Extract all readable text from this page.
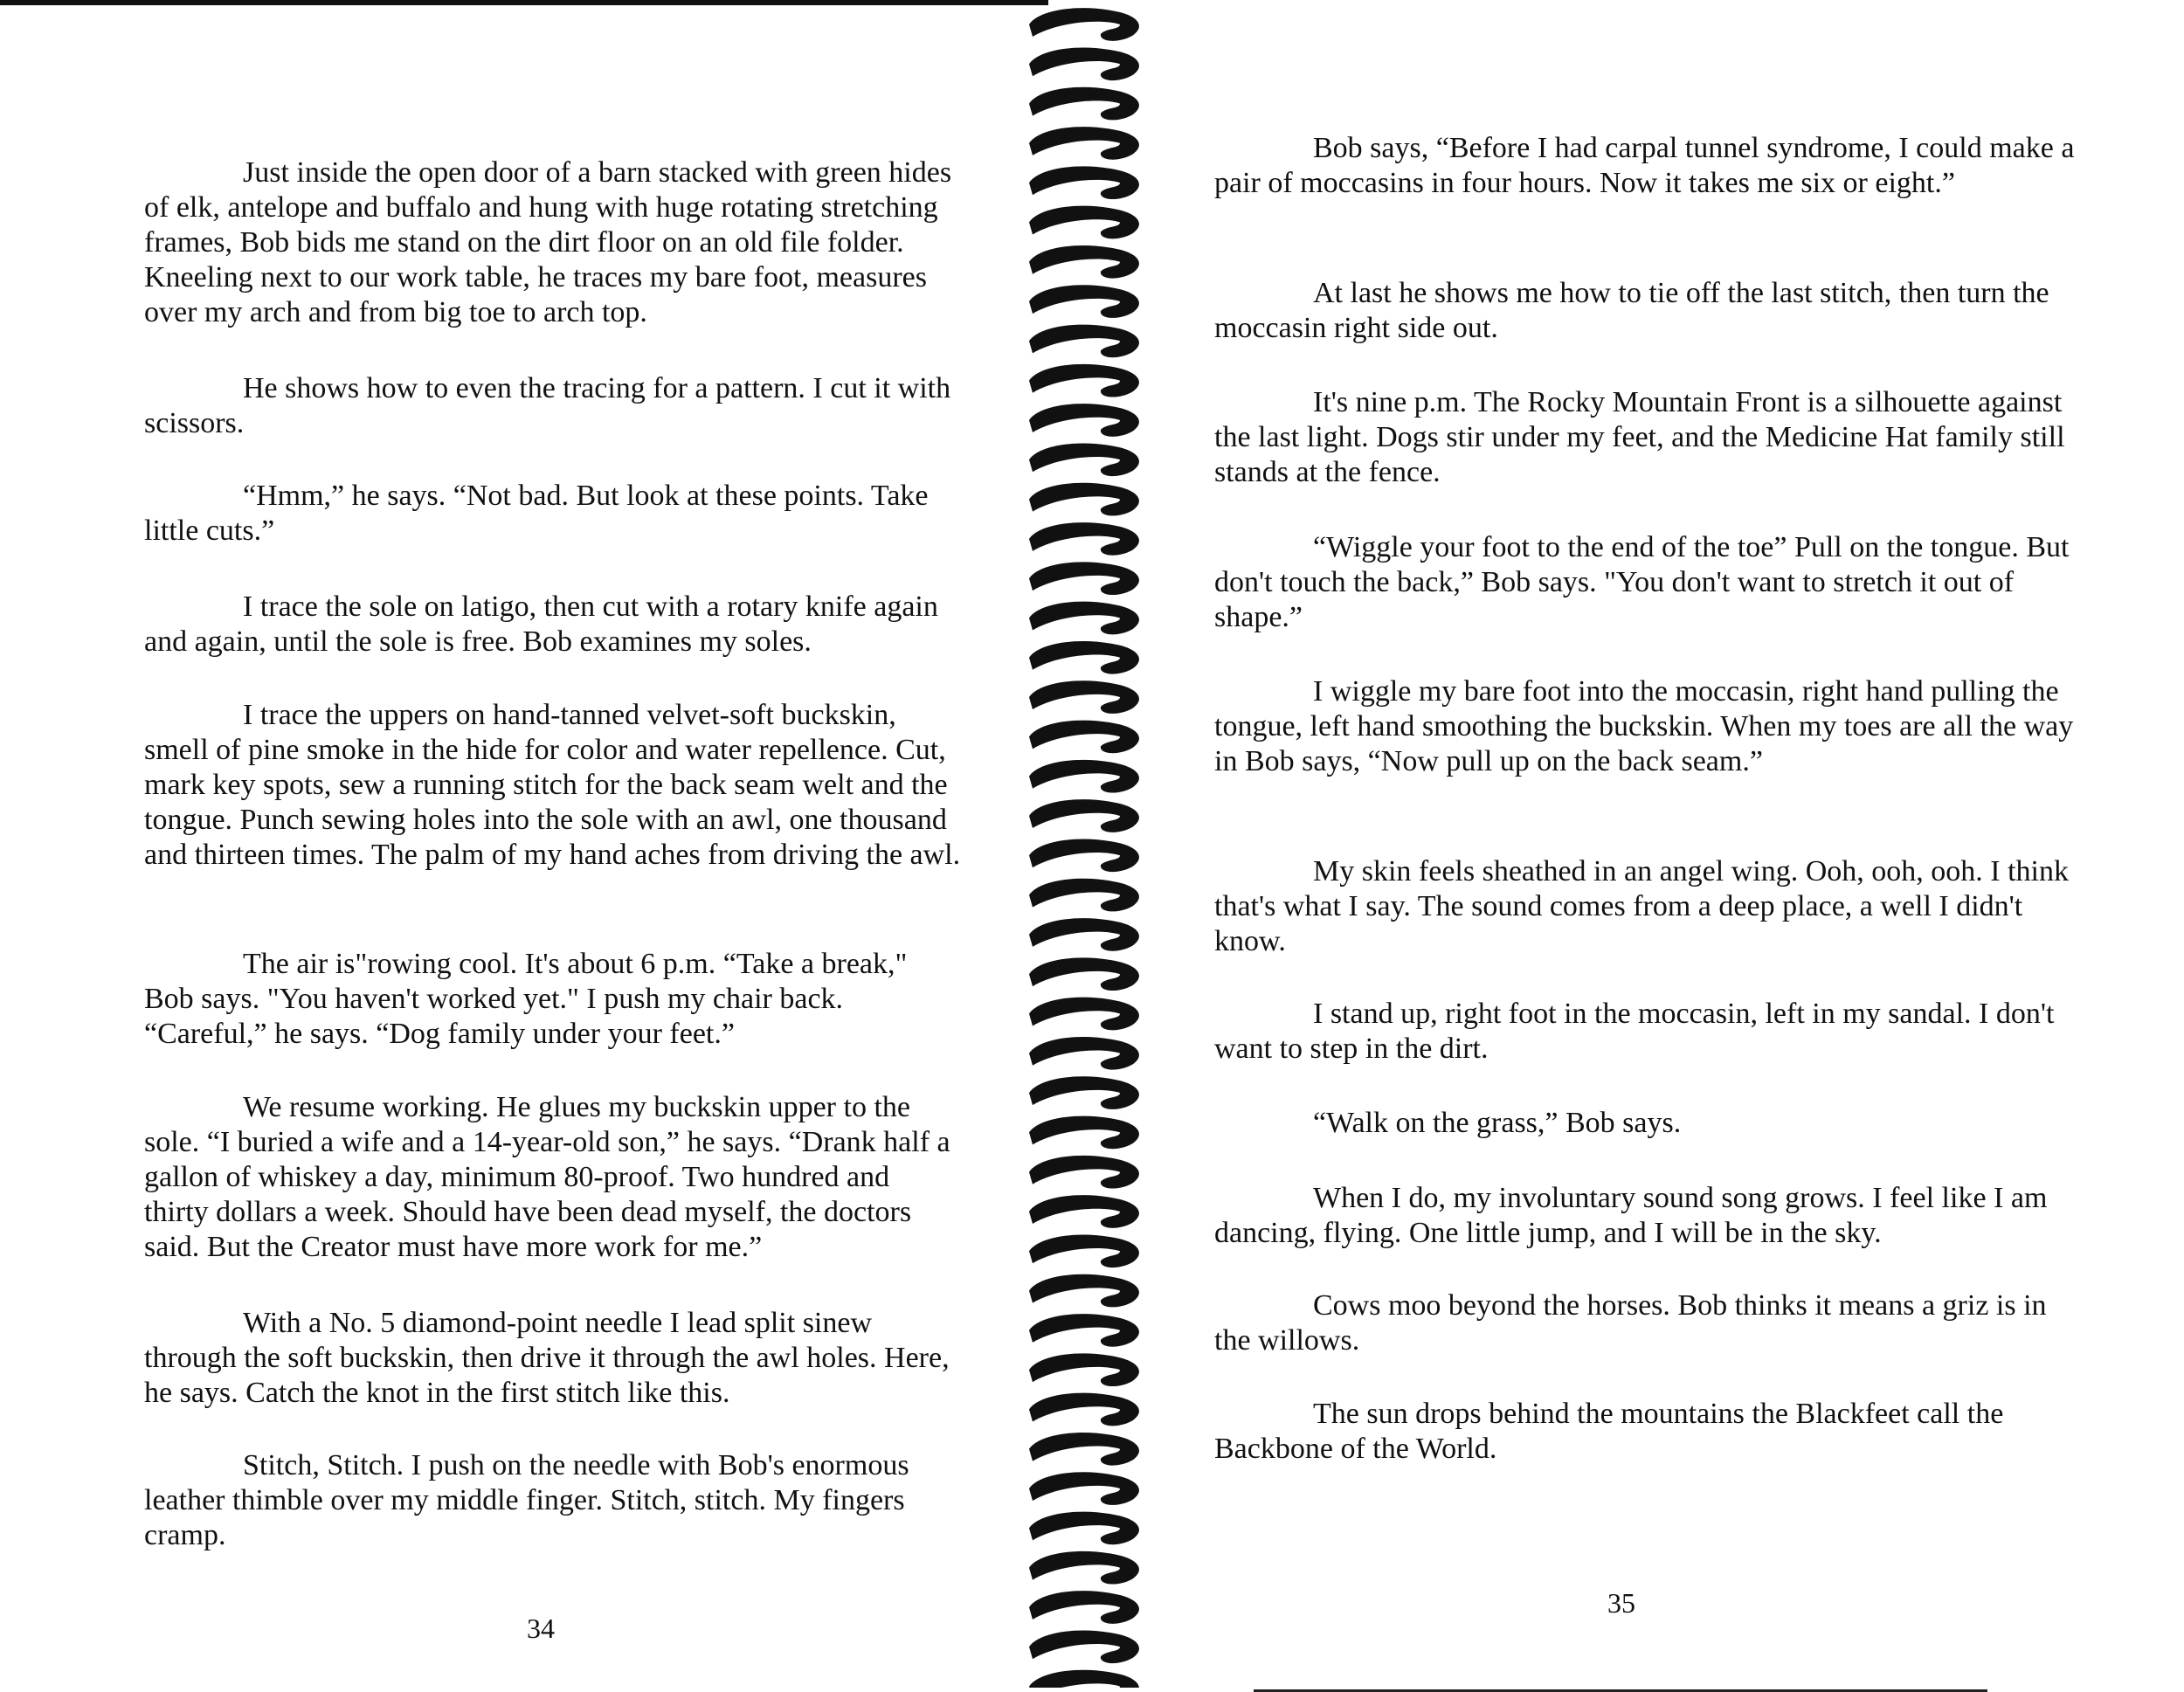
Just inside the open door of a barn stacked with green hides of elk, antelope and buffalo and hung with huge rotating stretching frames, Bob bids me stand on the dirt floor on an old file folder. Kneeling next to our work table, he traces my bare foot, measures over my arch and from big toe to arch top.

He shows how to even the tracing for a pattern. I cut it with scissors.

“Hmm,” he says. “Not bad. But look at these points. Take little cuts.”

I trace the sole on latigo, then cut with a rotary knife again and again, until the sole is free. Bob examines my soles.

I trace the uppers on hand-tanned velvet-soft buckskin, smell of pine smoke in the hide for color and water repellence. Cut, mark key spots, sew a running stitch for the back seam welt and the tongue. Punch sewing holes into the sole with an awl, one thousand and thirteen times. The palm of my hand aches from driving the awl.

The air is"rowing cool. It's about 6 p.m. “Take a break," Bob says. "You haven't worked yet." I push my chair back. “Careful,” he says. “Dog family under your feet.”

We resume working. He glues my buckskin upper to the sole. “I buried a wife and a 14-year-old son,” he says. “Drank half a gallon of whiskey a day, minimum 80-proof. Two hundred and thirty dollars a week. Should have been dead myself, the doctors said. But the Creator must have more work for me.”

With a No. 5 diamond-point needle I lead split sinew through the soft buckskin, then drive it through the awl holes. Here, he says. Catch the knot in the first stitch like this.

Stitch, Stitch. I push on the needle with Bob's enormous leather thimble over my middle finger. Stitch, stitch. My fingers cramp.

34

Bob says, “Before I had carpal tunnel syndrome, I could make a pair of moccasins in four hours. Now it takes me six or eight.”

At last he shows me how to tie off the last stitch, then turn the moccasin right side out.

It's nine p.m. The Rocky Mountain Front is a silhouette against the last light. Dogs stir under my feet, and the Medicine Hat family still stands at the fence.

“Wiggle your foot to the end of the toe” Pull on the tongue. But don't touch the back,” Bob says. "You don't want to stretch it out of shape.”

I wiggle my bare foot into the moccasin, right hand pulling the tongue, left hand smoothing the buckskin. When my toes are all the way in Bob says, “Now pull up on the back seam.”

My skin feels sheathed in an angel wing. Ooh, ooh, ooh. I think that's what I say. The sound comes from a deep place, a well I didn't know.

I stand up, right foot in the moccasin, left in my sandal. I don't want to step in the dirt.

“Walk on the grass,” Bob says.

When I do, my involuntary sound song grows. I feel like I am dancing, flying. One little jump, and I will be in the sky.

Cows moo beyond the horses. Bob thinks it means a griz is in the willows.

The sun drops behind the mountains the Blackfeet call the Backbone of the World.

35
